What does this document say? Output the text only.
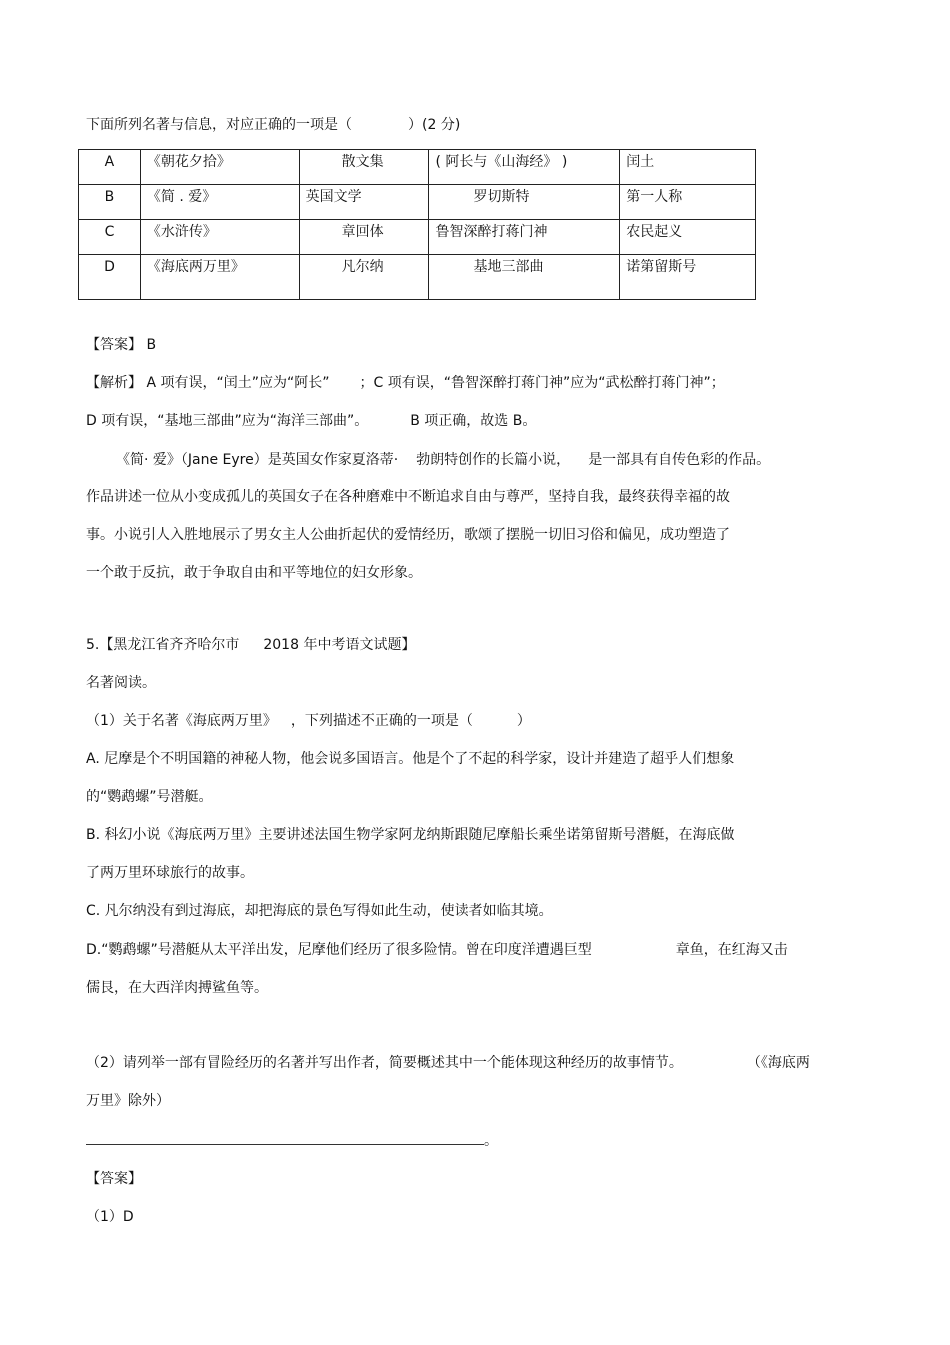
下面所列名著与信息，对应正确的一项是（	）(2 分)
A	《朝花夕拾》	散文集	( 阿长与《山海经》 )	闰土
B	《简 . 爱》	英国文学	罗切斯特	第一人称
C	《水浒传》	章回体	鲁智深醉打蒋门神	农民起义
D	《海底两万里》	凡尔纳	基地三部曲	诺第留斯号
【答案】 B
【解析】 A 项有误，“闰土”应为“阿长” ；C 项有误，“鲁智深醉打蒋门神”应为“武松醉打蒋门神”；
D 项有误，“基地三部曲”应为“海洋三部曲”。	B 项正确，故选 B。
《简· 爱》（Jane Eyre）是英国女作家夏洛蒂· 勃朗特创作的长篇小说， 是一部具有自传色彩的作品。
作品讲述一位从小变成孤儿的英国女子在各种磨难中不断追求自由与尊严，坚持自我，最终获得幸福的故
事。小说引人入胜地展示了男女主人公曲折起伏的爱情经历，歌颂了摆脱一切旧习俗和偏见，成功塑造了
一个敢于反抗，敢于争取自由和平等地位的妇女形象。
5.【黑龙江省齐齐哈尔市 2018 年中考语文试题】
名著阅读。
（1）关于名著《海底两万里》 ，下列描述不正确的一项是（	）
A. 尼摩是个不明国籍的神秘人物，他会说多国语言。他是个了不起的科学家，设计并建造了超乎人们想象
的“鹦鹉螺”号潜艇。
B. 科幻小说《海底两万里》主要讲述法国生物学家阿龙纳斯跟随尼摩船长乘坐诺第留斯号潜艇，在海底做
了两万里环球旅行的故事。
C. 凡尔纳没有到过海底，却把海底的景色写得如此生动，使读者如临其境。
D.“鹦鹉螺”号潜艇从太平洋出发，尼摩他们经历了很多险情。曾在印度洋遭遇巨型	章鱼，在红海又击
儒艮，在大西洋肉搏鲨鱼等。
（2）请列举一部有冒险经历的名著并写出作者，简要概述其中一个能体现这种经历的故事情节。	（《海底两
万里》除外）
。
【答案】
（1）D
